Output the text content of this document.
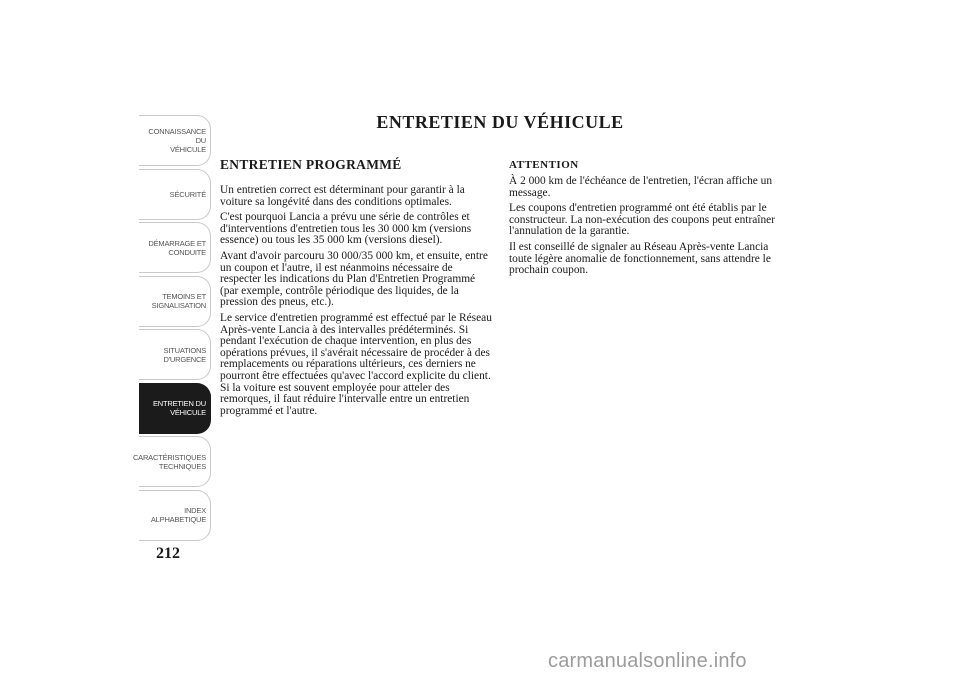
CONNAISSANCE DU
VÉHICULE
SÉCURITÉ
DÉMARRAGE ET
CONDUITE
TEMOINS ET
SIGNALISATION
SITUATIONS
D'URGENCE
ENTRETIEN DU
VÉHICULE
CARACTÉRISTIQUES
TECHNIQUES
INDEX
ALPHABETIQUE
212
ENTRETIEN DU VÉHICULE
ENTRETIEN PROGRAMMÉ

Un entretien correct est déterminant pour garantir à la voiture sa longévité dans des conditions optimales.

C'est pourquoi Lancia a prévu une série de contrôles et d'interventions d'entretien tous les 30 000 km (versions essence) ou tous les 35 000 km (versions diesel).

Avant d'avoir parcouru 30 000/35 000 km, et ensuite, entre un coupon et l'autre, il est néanmoins nécessaire de respecter les indications du Plan d'Entretien Programmé (par exemple, contrôle périodique des liquides, de la pression des pneus, etc.).

Le service d'entretien programmé est effectué par le Réseau Après-vente Lancia à des intervalles prédéterminés. Si pendant l'exécution de chaque intervention, en plus des opérations prévues, il s'avérait nécessaire de procéder à des remplacements ou réparations ultérieurs, ces derniers ne pourront être effectuées qu'avec l'accord explicite du client. Si la voiture est souvent employée pour atteler des remorques, il faut réduire l'intervalle entre un entretien programmé et l'autre.

ATTENTION

À 2 000 km de l'échéance de l'entretien, l'écran affiche un message.

Les coupons d'entretien programmé ont été établis par le constructeur. La non-exécution des coupons peut entraîner l'annulation de la garantie.

Il est conseillé de signaler au Réseau Après-vente Lancia toute légère anomalie de fonctionnement, sans attendre le prochain coupon.

carmanualsonline.info
